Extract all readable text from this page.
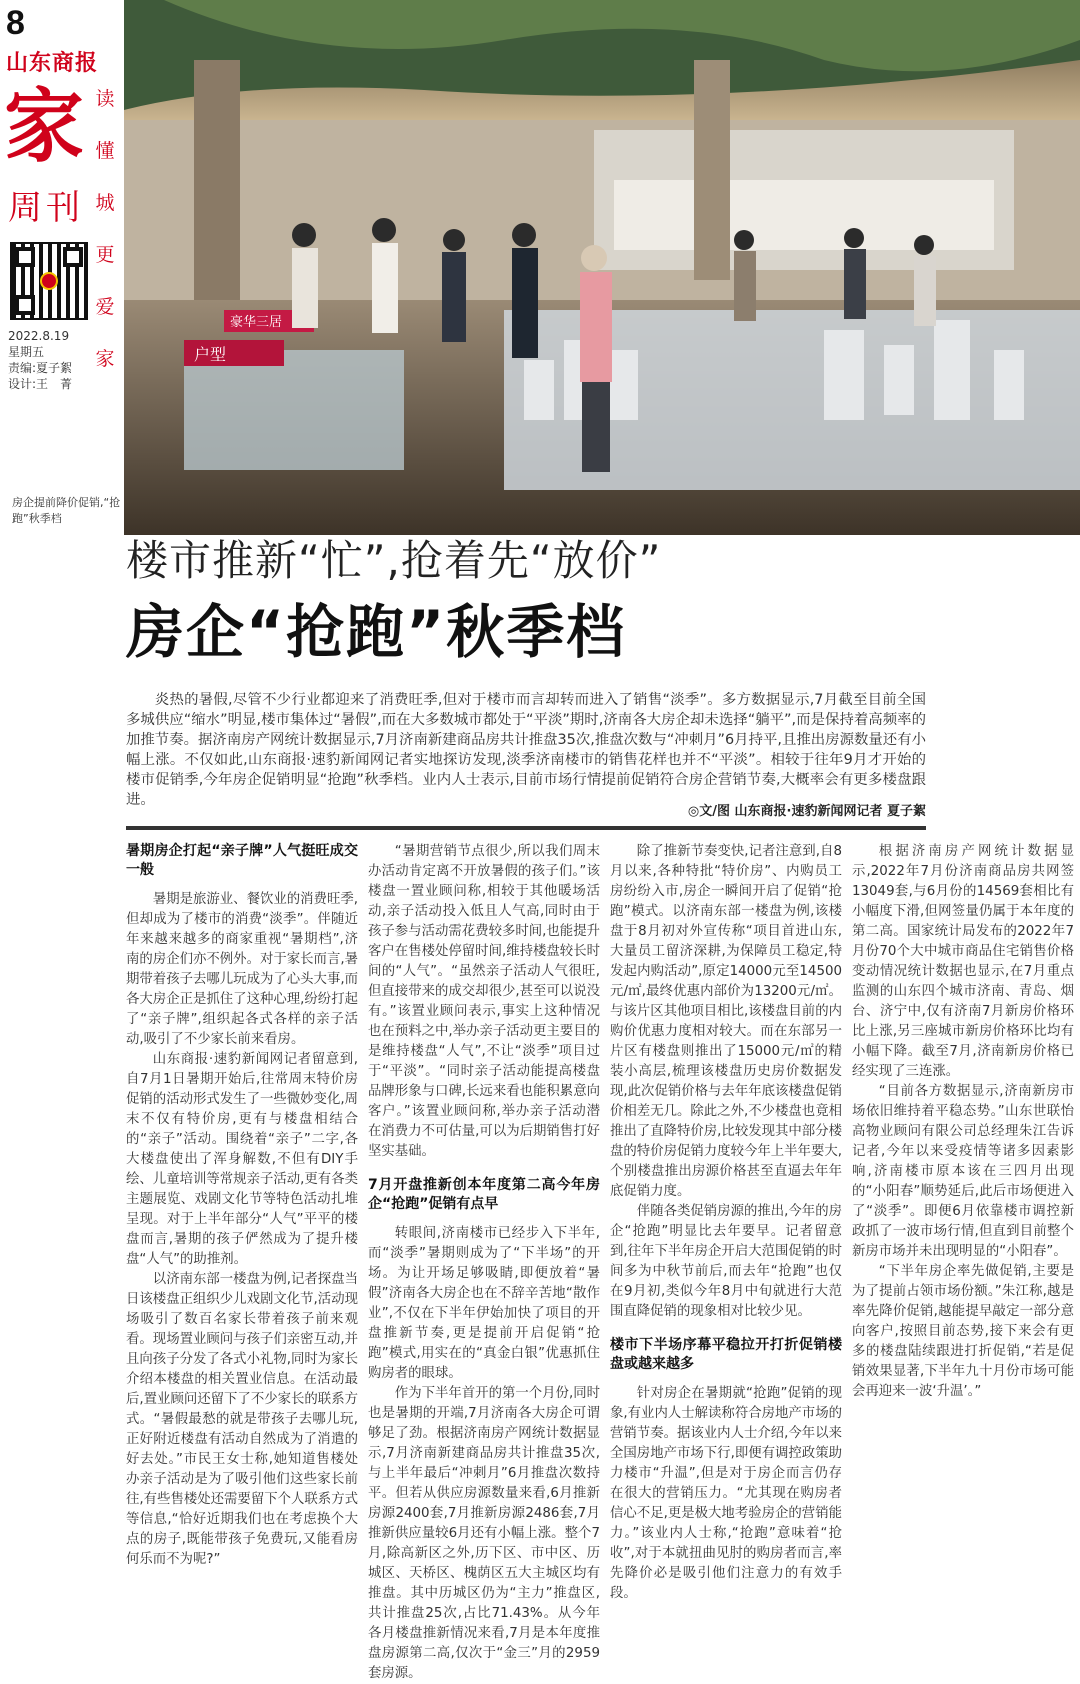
8
山东商报
家
周刊
读
懂
城
更
爱
家
2022.8.19
星期五
责编:夏子絮
设计:王　菁
房企提前降价促销,“抢跑”秋季档
户型
豪华三居
楼市推新“忙”,抢着先“放价”
房企“抢跑”秋季档

炎热的暑假,尽管不少行业都迎来了消费旺季,但对于楼市而言却转而进入了销售“淡季”。多方数据显示,7月截至目前全国多城供应“缩水”明显,楼市集体过“暑假”,而在大多数城市都处于“平淡”期时,济南各大房企却未选择“躺平”,而是保持着高频率的加推节奏。据济南房产网统计数据显示,7月济南新建商品房共计推盘35次,推盘次数与“冲刺月”6月持平,且推出房源数量还有小幅上涨。不仅如此,山东商报·速豹新闻网记者实地探访发现,淡季济南楼市的销售花样也并不“平淡”。相较于往年9月才开始的楼市促销季,今年房企促销明显“抢跑”秋季档。业内人士表示,目前市场行情提前促销符合房企营销节奏,大概率会有更多楼盘跟进。

◎文/图 山东商报·速豹新闻网记者 夏子絮
暑期房企打起“亲子牌”人气挺旺成交一般

暑期是旅游业、餐饮业的消费旺季,但却成为了楼市的消费“淡季”。伴随近年来越来越多的商家重视“暑期档”,济南的房企们亦不例外。对于家长而言,暑期带着孩子去哪儿玩成为了心头大事,而各大房企正是抓住了这种心理,纷纷打起了“亲子牌”,组织起各式各样的亲子活动,吸引了不少家长前来看房。

山东商报·速豹新闻网记者留意到,自7月1日暑期开始后,往常周末特价房促销的活动形式发生了一些微妙变化,周末不仅有特价房,更有与楼盘相结合的“亲子”活动。围绕着“亲子”二字,各大楼盘使出了浑身解数,不但有DIY手绘、儿童培训等常规亲子活动,更有各类主题展览、戏剧文化节等特色活动扎堆呈现。对于上半年部分“人气”平平的楼盘而言,暑期的孩子俨然成为了提升楼盘“人气”的助推剂。

以济南东部一楼盘为例,记者探盘当日该楼盘正组织少儿戏剧文化节,活动现场吸引了数百名家长带着孩子前来观看。现场置业顾问与孩子们亲密互动,并且向孩子分发了各式小礼物,同时为家长介绍本楼盘的相关置业信息。在活动最后,置业顾问还留下了不少家长的联系方式。“暑假最愁的就是带孩子去哪儿玩,正好附近楼盘有活动自然成为了消遣的好去处。”市民王女士称,她知道售楼处办亲子活动是为了吸引他们这些家长前往,有些售楼处还需要留下个人联系方式等信息,“恰好近期我们也在考虑换个大点的房子,既能带孩子免费玩,又能看房何乐而不为呢?”

“暑期营销节点很少,所以我们周末办活动肯定离不开放暑假的孩子们。”该楼盘一置业顾问称,相较于其他暖场活动,亲子活动投入低且人气高,同时由于孩子参与活动需花费较多时间,也能提升客户在售楼处停留时间,维持楼盘较长时间的“人气”。“虽然亲子活动人气很旺,但直接带来的成交却很少,甚至可以说没有。”该置业顾问表示,事实上这种情况也在预料之中,举办亲子活动更主要目的是维持楼盘“人气”,不让“淡季”项目过于“平淡”。“同时亲子活动能提高楼盘品牌形象与口碑,长远来看也能积累意向客户。”该置业顾问称,举办亲子活动潜在消费力不可估量,可以为后期销售打好坚实基础。

7月开盘推新创本年度第二高今年房企“抢跑”促销有点早

转眼间,济南楼市已经步入下半年,而“淡季”暑期则成为了“下半场”的开场。为让开场足够吸睛,即便放着“暑假”济南各大房企也在不辞辛苦地“散作业”,不仅在下半年伊始加快了项目的开盘推新节奏,更是提前开启促销“抢跑”模式,用实在的“真金白银”优惠抓住购房者的眼球。

作为下半年首开的第一个月份,同时也是暑期的开端,7月济南各大房企可谓够足了劲。根据济南房产网统计数据显示,7月济南新建商品房共计推盘35次,与上半年最后“冲刺月”6月推盘次数持平。但若从供应房源数量来看,6月推新房源2400套,7月推新房源2486套,7月推新供应量较6月还有小幅上涨。整个7月,除高新区之外,历下区、市中区、历城区、天桥区、槐荫区五大主城区均有推盘。其中历城区仍为“主力”推盘区,共计推盘25次,占比71.43%。从今年各月楼盘推新情况来看,7月是本年度推盘房源第二高,仅次于“金三”月的2959套房源。

除了推新节奏变快,记者注意到,自8月以来,各种特批“特价房”、内购员工房纷纷入市,房企一瞬间开启了促销“抢跑”模式。以济南东部一楼盘为例,该楼盘于8月初对外宣传称“项目首进山东,大量员工留济深耕,为保障员工稳定,特发起内购活动”,原定14000元至14500元/㎡,最终优惠内部价为13200元/㎡。与该片区其他项目相比,该楼盘目前的内购价优惠力度相对较大。而在东部另一片区有楼盘则推出了15000元/㎡的精装小高层,梳理该楼盘历史房价数据发现,此次促销价格与去年年底该楼盘促销价相差无几。除此之外,不少楼盘也竟相推出了直降特价房,比较发现其中部分楼盘的特价房促销力度较今年上半年要大,个别楼盘推出房源价格甚至直逼去年年底促销力度。

伴随各类促销房源的推出,今年的房企“抢跑”明显比去年要早。记者留意到,往年下半年房企开启大范围促销的时间多为中秋节前后,而去年“抢跑”也仅在9月初,类似今年8月中旬就进行大范围直降促销的现象相对比较少见。

楼市下半场序幕平稳拉开打折促销楼盘或越来越多

针对房企在暑期就“抢跑”促销的现象,有业内人士解读称符合房地产市场的营销节奏。据该业内人士介绍,今年以来全国房地产市场下行,即便有调控政策助力楼市“升温”,但是对于房企而言仍存在很大的营销压力。“尤其现在购房者信心不足,更是极大地考验房企的营销能力。”该业内人士称,“抢跑”意味着“抢收”,对于本就扭曲见肘的购房者而言,率先降价必是吸引他们注意力的有效手段。

根据济南房产网统计数据显示,2022年7月份济南商品房共网签13049套,与6月份的14569套相比有小幅度下滑,但网签量仍属于本年度的第二高。国家统计局发布的2022年7月份70个大中城市商品住宅销售价格变动情况统计数据也显示,在7月重点监测的山东四个城市济南、青岛、烟台、济宁中,仅有济南7月新房价格环比上涨,另三座城市新房价格环比均有小幅下降。截至7月,济南新房价格已经实现了三连涨。

“目前各方数据显示,济南新房市场依旧维持着平稳态势。”山东世联怡高物业顾问有限公司总经理朱江告诉记者,今年以来受疫情等诸多因素影响,济南楼市原本该在三四月出现的“小阳春”顺势延后,此后市场便进入了“淡季”。即便6月依靠楼市调控新政抓了一波市场行情,但直到目前整个新房市场并未出现明显的“小阳春”。

“下半年房企率先做促销,主要是为了提前占领市场份额。”朱江称,越是率先降价促销,越能提早敲定一部分意向客户,按照目前态势,接下来会有更多的楼盘陆续跟进打折促销,“若是促销效果显著,下半年九十月份市场可能会再迎来一波‘升温’。”
